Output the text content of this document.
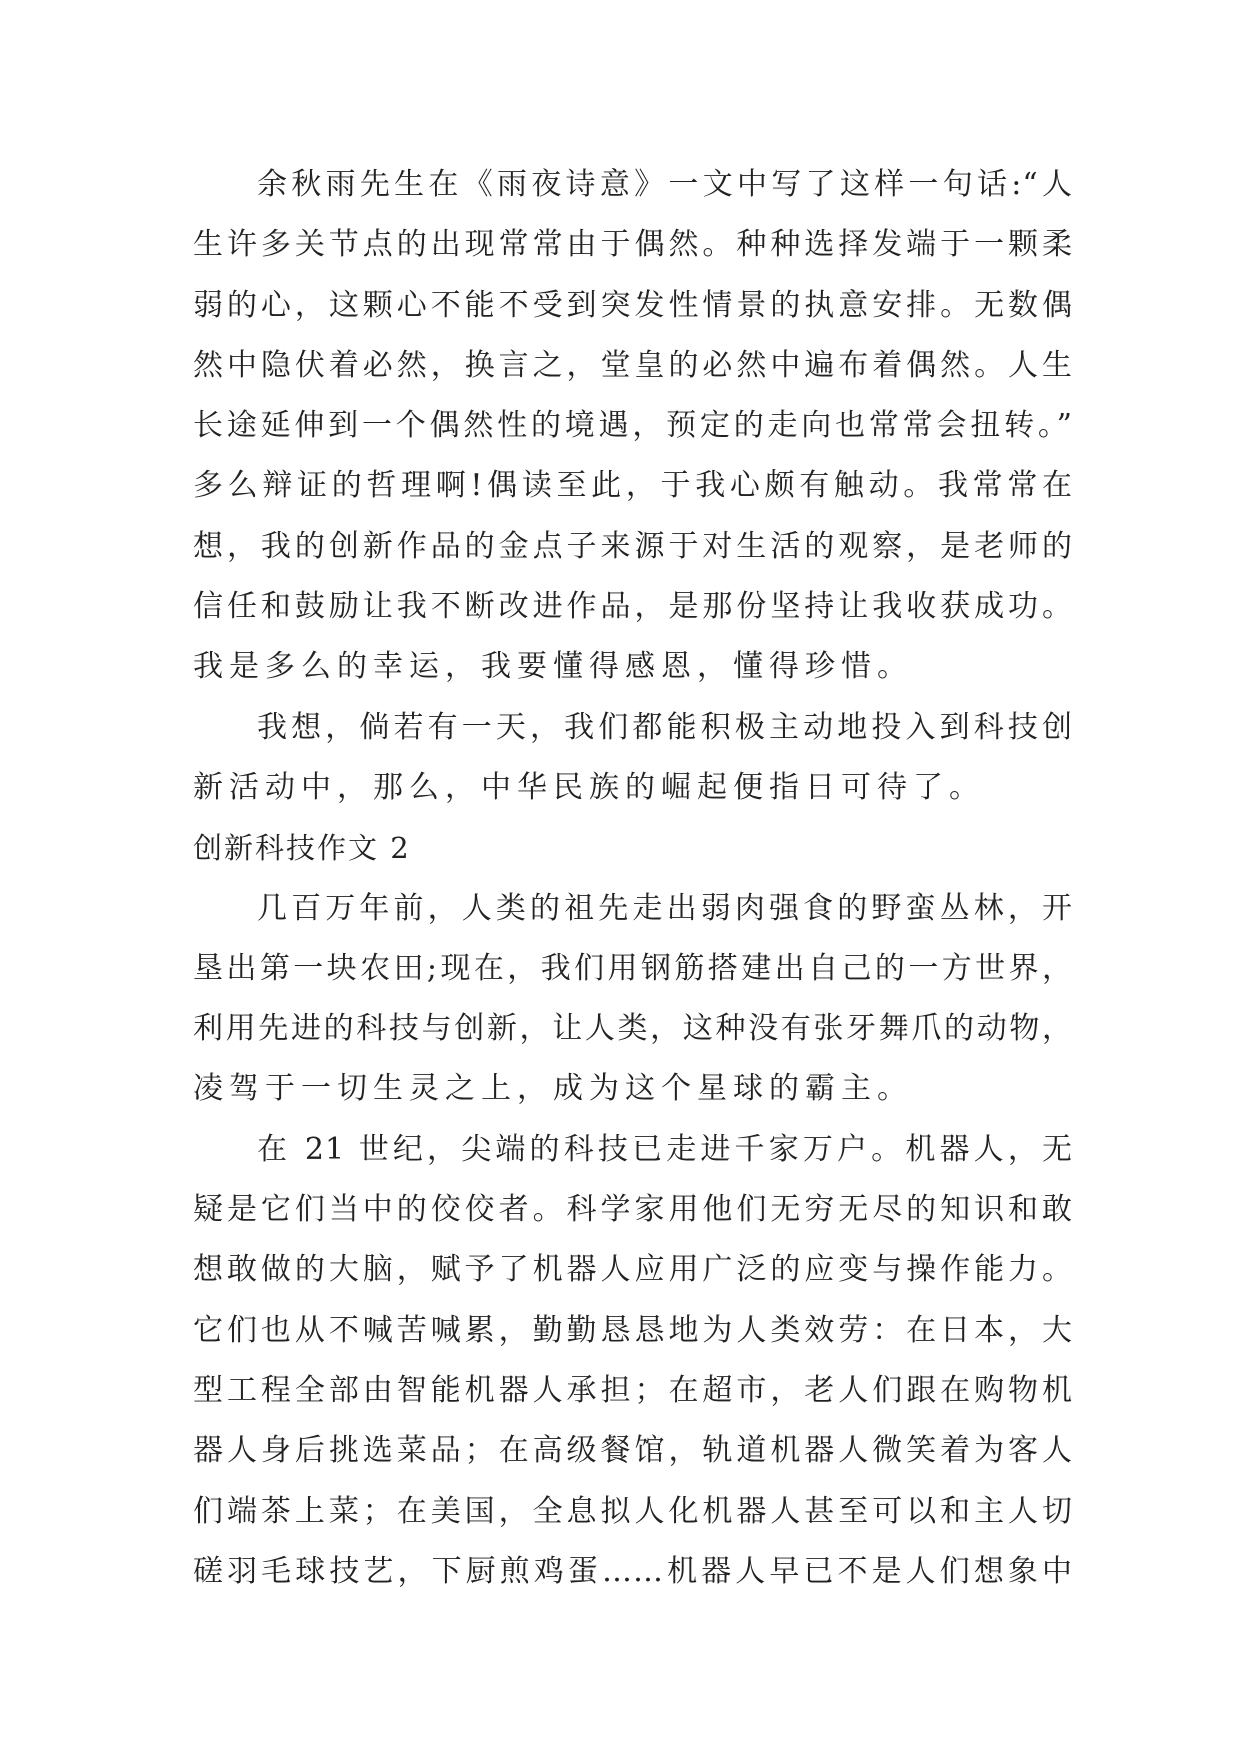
余秋雨先生在《雨夜诗意》一文中写了这样一句话:“人
生许多关节点的出现常常由于偶然。种种选择发端于一颗柔
弱的心，这颗心不能不受到突发性情景的执意安排。无数偶
然中隐伏着必然，换言之，堂皇的必然中遍布着偶然。人生
长途延伸到一个偶然性的境遇，预定的走向也常常会扭转。”
多么辩证的哲理啊!偶读至此，于我心颇有触动。我常常在
想，我的创新作品的金点子来源于对生活的观察，是老师的
信任和鼓励让我不断改进作品，是那份坚持让我收获成功。
我是多么的幸运，我要懂得感恩，懂得珍惜。
我想，倘若有一天，我们都能积极主动地投入到科技创
新活动中，那么，中华民族的崛起便指日可待了。
创新科技作文 2
几百万年前，人类的祖先走出弱肉强食的野蛮丛林，开
垦出第一块农田;现在，我们用钢筋搭建出自己的一方世界，
利用先进的科技与创新，让人类，这种没有张牙舞爪的动物，
凌驾于一切生灵之上，成为这个星球的霸主。
在 21 世纪，尖端的科技已走进千家万户。机器人，无
疑是它们当中的佼佼者。科学家用他们无穷无尽的知识和敢
想敢做的大脑，赋予了机器人应用广泛的应变与操作能力。
它们也从不喊苦喊累，勤勤恳恳地为人类效劳：在日本，大
型工程全部由智能机器人承担；在超市，老人们跟在购物机
器人身后挑选菜品；在高级餐馆，轨道机器人微笑着为客人
们端茶上菜；在美国，全息拟人化机器人甚至可以和主人切
磋羽毛球技艺，下厨煎鸡蛋……机器人早已不是人们想象中
